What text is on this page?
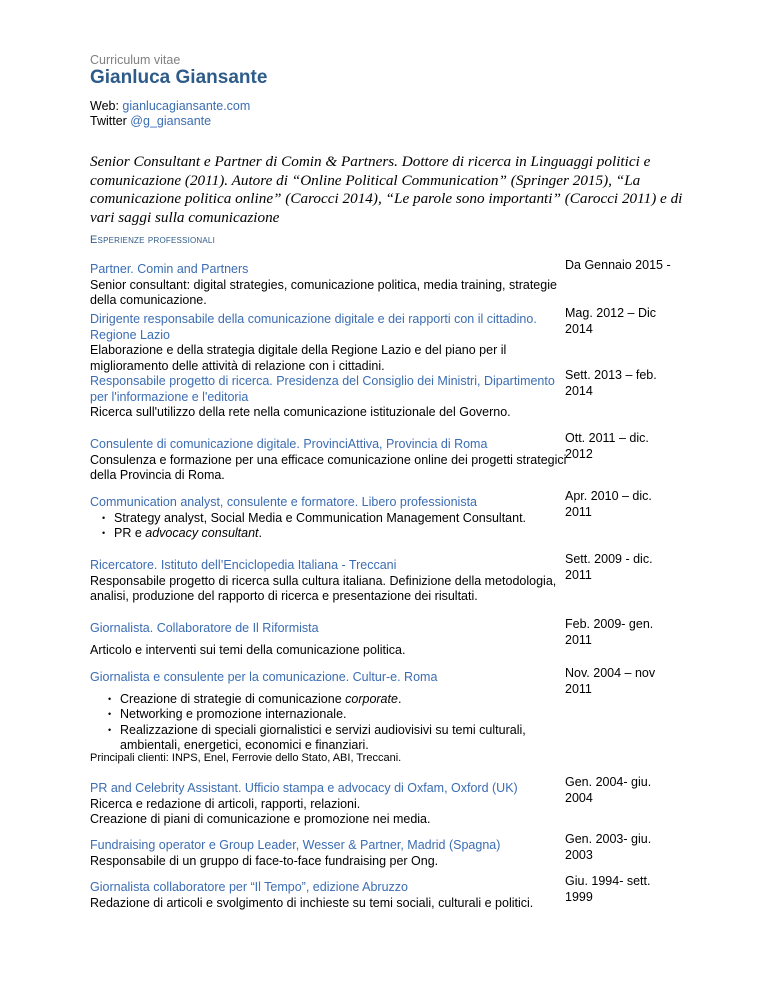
Curriculum vitae
Gianluca Giansante
Web: gianlucagiansante.com
Twitter @g_giansante
Senior Consultant e Partner di Comin & Partners. Dottore di ricerca in Linguaggi politici e comunicazione (2011). Autore di “Online Political Communication” (Springer 2015), “La comunicazione politica online” (Carocci 2014), “Le parole sono importanti” (Carocci 2011) e di vari saggi sulla comunicazione
Esperienze professionali
Partner. Comin and Partners
Senior consultant: digital strategies, comunicazione politica, media training, strategie della comunicazione.
Da Gennaio 2015 -
Dirigente responsabile della comunicazione digitale e dei rapporti con il cittadino. Regione Lazio
Elaborazione e della strategia digitale della Regione Lazio e del piano per il miglioramento delle attività di relazione con i cittadini.
Mag. 2012 – Dic 2014
Responsabile progetto di ricerca. Presidenza del Consiglio dei Ministri, Dipartimento per l'informazione e l'editoria
Ricerca sull'utilizzo della rete nella comunicazione istituzionale del Governo.
Sett. 2013 – feb. 2014
Consulente di comunicazione digitale. ProvinciAttiva, Provincia di Roma
Consulenza e formazione per una efficace comunicazione online dei progetti strategici della Provincia di Roma.
Ott. 2011 – dic. 2012
Communication analyst, consulente e formatore. Libero professionista
• Strategy analyst, Social Media e Communication Management Consultant.
• PR e advocacy consultant.
Apr. 2010 – dic. 2011
Ricercatore. Istituto dell’Enciclopedia Italiana - Treccani
Responsabile progetto di ricerca sulla cultura italiana. Definizione della metodologia, analisi, produzione del rapporto di ricerca e presentazione dei risultati.
Sett. 2009 - dic. 2011
Giornalista. Collaboratore de Il Riformista
Articolo e interventi sui temi della comunicazione politica.
Feb. 2009- gen. 2011
Giornalista e consulente per la comunicazione. Cultur-e. Roma
• Creazione di strategie di comunicazione corporate.
• Networking e promozione internazionale.
• Realizzazione di speciali giornalistici e servizi audiovisivi su temi culturali, ambientali, energetici, economici e finanziari.
Nov. 2004 – nov 2011
Principali clienti: INPS, Enel, Ferrovie dello Stato, ABI, Treccani.
PR and Celebrity Assistant. Ufficio stampa e advocacy di Oxfam, Oxford (UK)
Ricerca e redazione di articoli, rapporti, relazioni.
Creazione di piani di comunicazione e promozione nei media.
Gen. 2004- giu. 2004
Fundraising operator e Group Leader, Wesser & Partner, Madrid (Spagna)
Responsabile di un gruppo di face-to-face fundraising per Ong.
Gen. 2003- giu. 2003
Giornalista collaboratore per “Il Tempo”, edizione Abruzzo
Redazione di articoli e svolgimento di inchieste su temi sociali, culturali e politici.
Giu. 1994- sett. 1999
